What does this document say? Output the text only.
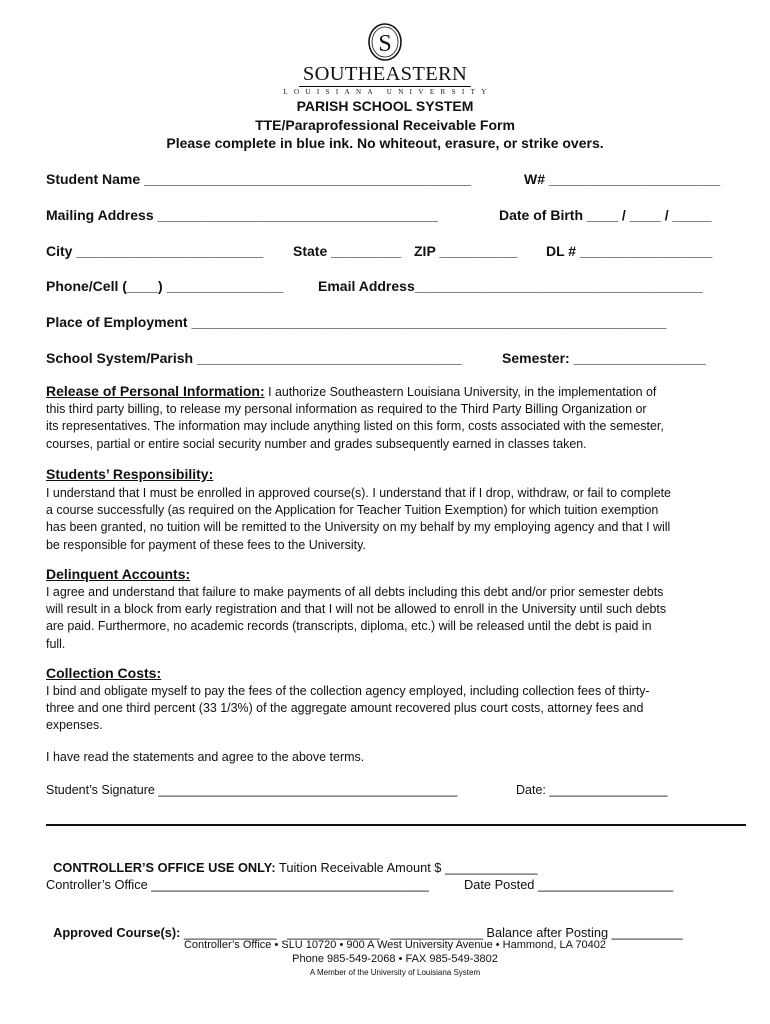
S
SOUTHEASTERN
LOUISIANA UNIVERSITY
PARISH SCHOOL SYSTEM
TTE/Paraprofessional Receivable Form
Please complete in blue ink. No whiteout, erasure, or strike overs.
Student Name __________________________________________	W# ______________________
Mailing Address ____________________________________	Date of Birth ____ / ____ / _____
City ________________________ State _________ ZIP __________ DL # _________________
Phone/Cell (____) _______________ Email Address_____________________________________
Place of Employment _____________________________________________________________
School System/Parish __________________________________	Semester: _________________
Release of Personal Information: I authorize Southeastern Louisiana University, in the implementation of
this third party billing, to release my personal information as required to the Third Party Billing Organization or
its representatives. The information may include anything listed on this form, costs associated with the semester,
courses, partial or entire social security number and grades subsequently earned in classes taken.
Students’ Responsibility:
I understand that I must be enrolled in approved course(s). I understand that if I drop, withdraw, or fail to complete
a course successfully (as required on the Application for Teacher Tuition Exemption) for which tuition exemption
has been granted, no tuition will be remitted to the University on my behalf by my employing agency and that I will
be responsible for payment of these fees to the University.
Delinquent Accounts:
I agree and understand that failure to make payments of all debts including this debt and/or prior semester debts
will result in a block from early registration and that I will not be allowed to enroll in the University until such debts
are paid. Furthermore, no academic records (transcripts, diploma, etc.) will be released until the debt is paid in
full.
Collection Costs:
I bind and obligate myself to pay the fees of the collection agency employed, including collection fees of thirty-
three and one third percent (33 1/3%) of the aggregate amount recovered plus court costs, attorney fees and
expenses.
I have read the statements and agree to the above terms.
Student’s Signature ___________________________________________	Date: _________________

CONTROLLER’S OFFICE USE ONLY: Tuition Receivable Amount $ _____________

Controller’s Office _______________________________________	Date Posted ___________________

Approved Course(s): _____________   _____________   _____________ Balance after Posting __________

Controller’s Office • SLU 10720 • 900 A West University Avenue • Hammond, LA 70402
Phone 985-549-2068 • FAX 985-549-3802
A Member of the University of Louisiana System
